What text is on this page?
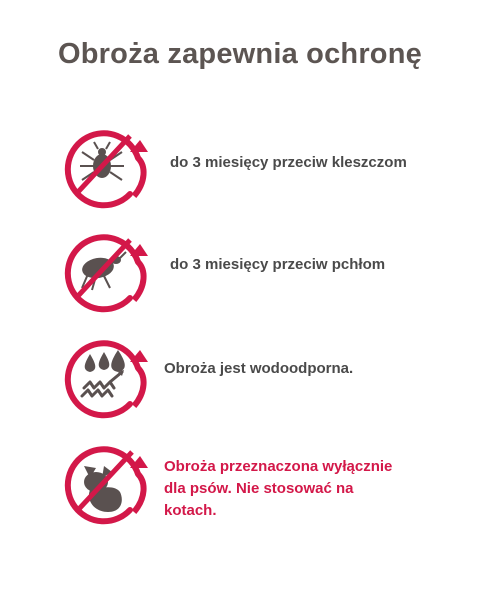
Obroża zapewnia ochronę
do 3 miesięcy przeciw kleszczom
do 3 miesięcy przeciw pchłom
Obroża jest wodoodporna.
Obroża przeznaczona wyłącznie dla psów. Nie stosować na kotach.
